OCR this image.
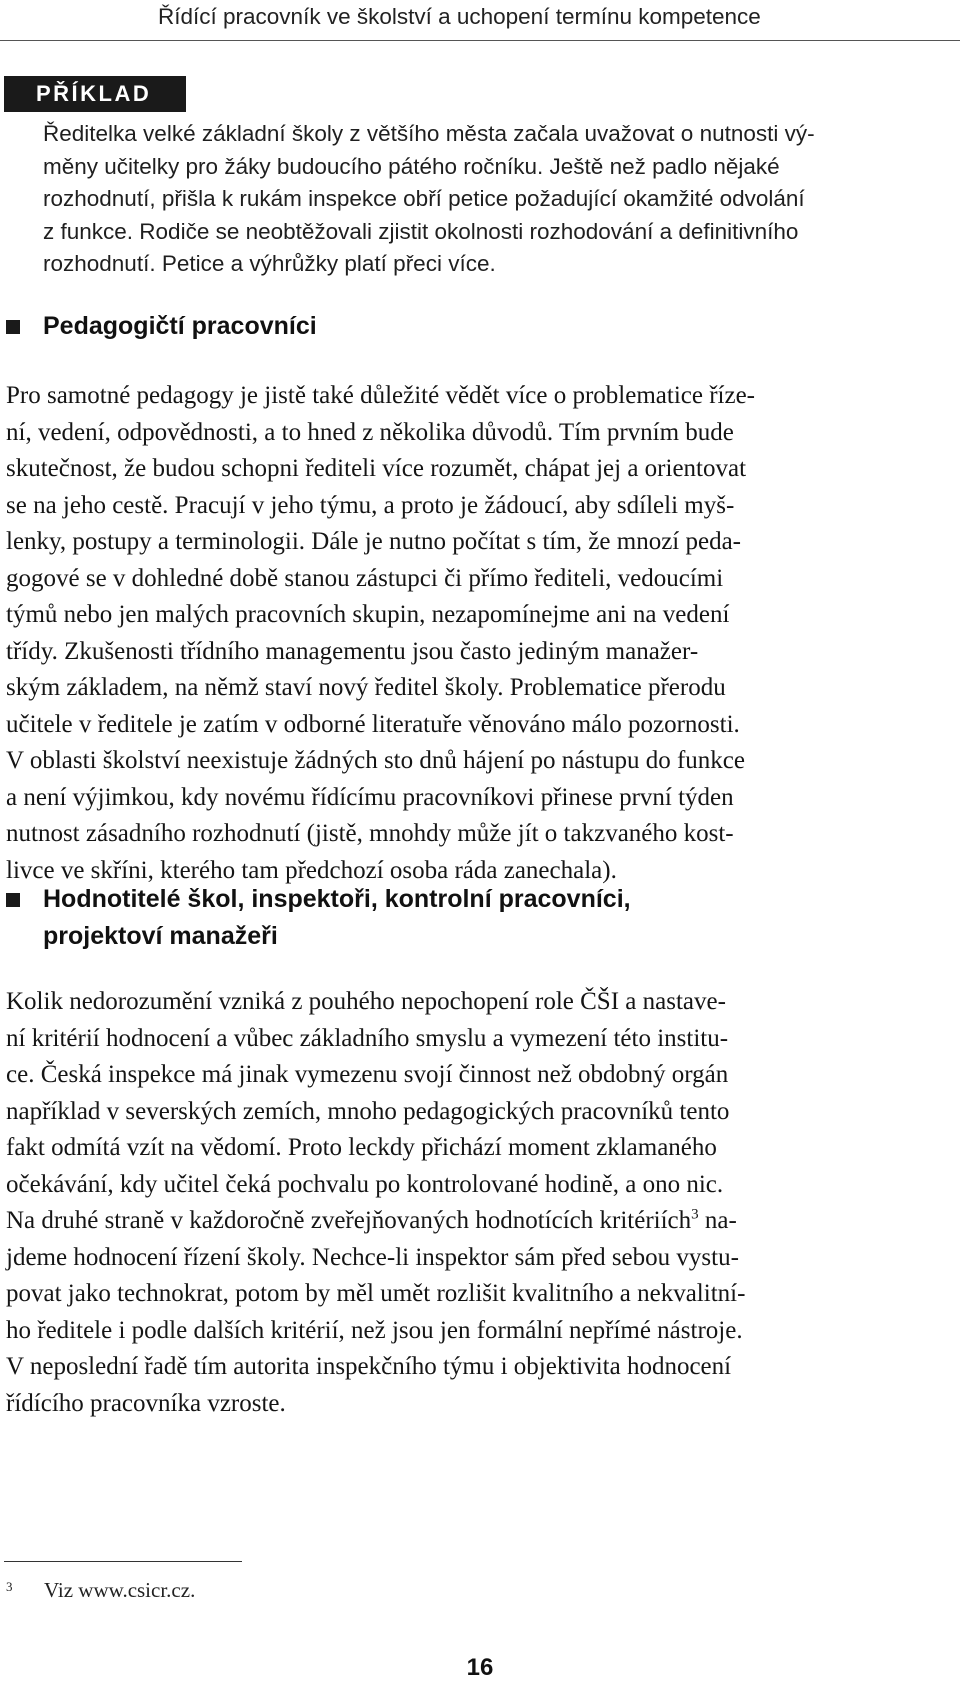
Řídící pracovník ve školství a uchopení termínu kompetence
PŘÍKLAD
Ředitelka velké základní školy z většího města začala uvažovat o nutnosti vý-
měny učitelky pro žáky budoucího pátého ročníku. Ještě než padlo nějaké
rozhodnutí, přišla k rukám inspekce obří petice požadující okamžité odvolání
z funkce. Rodiče se neobtěžovali zjistit okolnosti rozhodování a definitivního
rozhodnutí. Petice a výhrůžky platí přeci více.
Pedagogičtí pracovníci
Pro samotné pedagogy je jistě také důležité vědět více o problematice říze-
ní, vedení, odpovědnosti, a to hned z několika důvodů. Tím prvním bude
skutečnost, že budou schopni řediteli více rozumět, chápat jej a orientovat
se na jeho cestě. Pracují v jeho týmu, a proto je žádoucí, aby sdíleli myš-
lenky, postupy a terminologii. Dále je nutno počítat s tím, že mnozí peda-
gogové se v dohledné době stanou zástupci či přímo řediteli, vedoucími
týmů nebo jen malých pracovních skupin, nezapomínejme ani na vedení
třídy. Zkušenosti třídního managementu jsou často jediným manažer-
ským základem, na němž staví nový ředitel školy. Problematice přerodu
učitele v ředitele je zatím v odborné literatuře věnováno málo pozornosti.
V oblasti školství neexistuje žádných sto dnů hájení po nástupu do funkce
a není výjimkou, kdy novému řídícímu pracovníkovi přinese první týden
nutnost zásadního rozhodnutí (jistě, mnohdy může jít o takzvaného kost-
livce ve skříni, kterého tam předchozí osoba ráda zanechala).
Hodnotitelé škol, inspektoři, kontrolní pracovníci,
projektoví manažeři
Kolik nedorozumění vzniká z pouhého nepochopení role ČŠI a nastave-
ní kritérií hodnocení a vůbec základního smyslu a vymezení této institu-
ce. Česká inspekce má jinak vymezenu svojí činnost než obdobný orgán
například v severských zemích, mnoho pedagogických pracovníků tento
fakt odmítá vzít na vědomí. Proto leckdy přichází moment zklamaného
očekávání, kdy učitel čeká pochvalu po kontrolované hodině, a ono nic.
Na druhé straně v každoročně zveřejňovaných hodnotících kritériích$^3$ na-
jdeme hodnocení řízení školy. Nechce-li inspektor sám před sebou vystu-
povat jako technokrat, potom by měl umět rozlišit kvalitního a nekvalitní-
ho ředitele i podle dalších kritérií, než jsou jen formální nepřímé nástroje.
V neposlední řadě tím autorita inspekčního týmu i objektivita hodnocení
řídícího pracovníka vzroste.
3 Viz www.csicr.cz.
16
